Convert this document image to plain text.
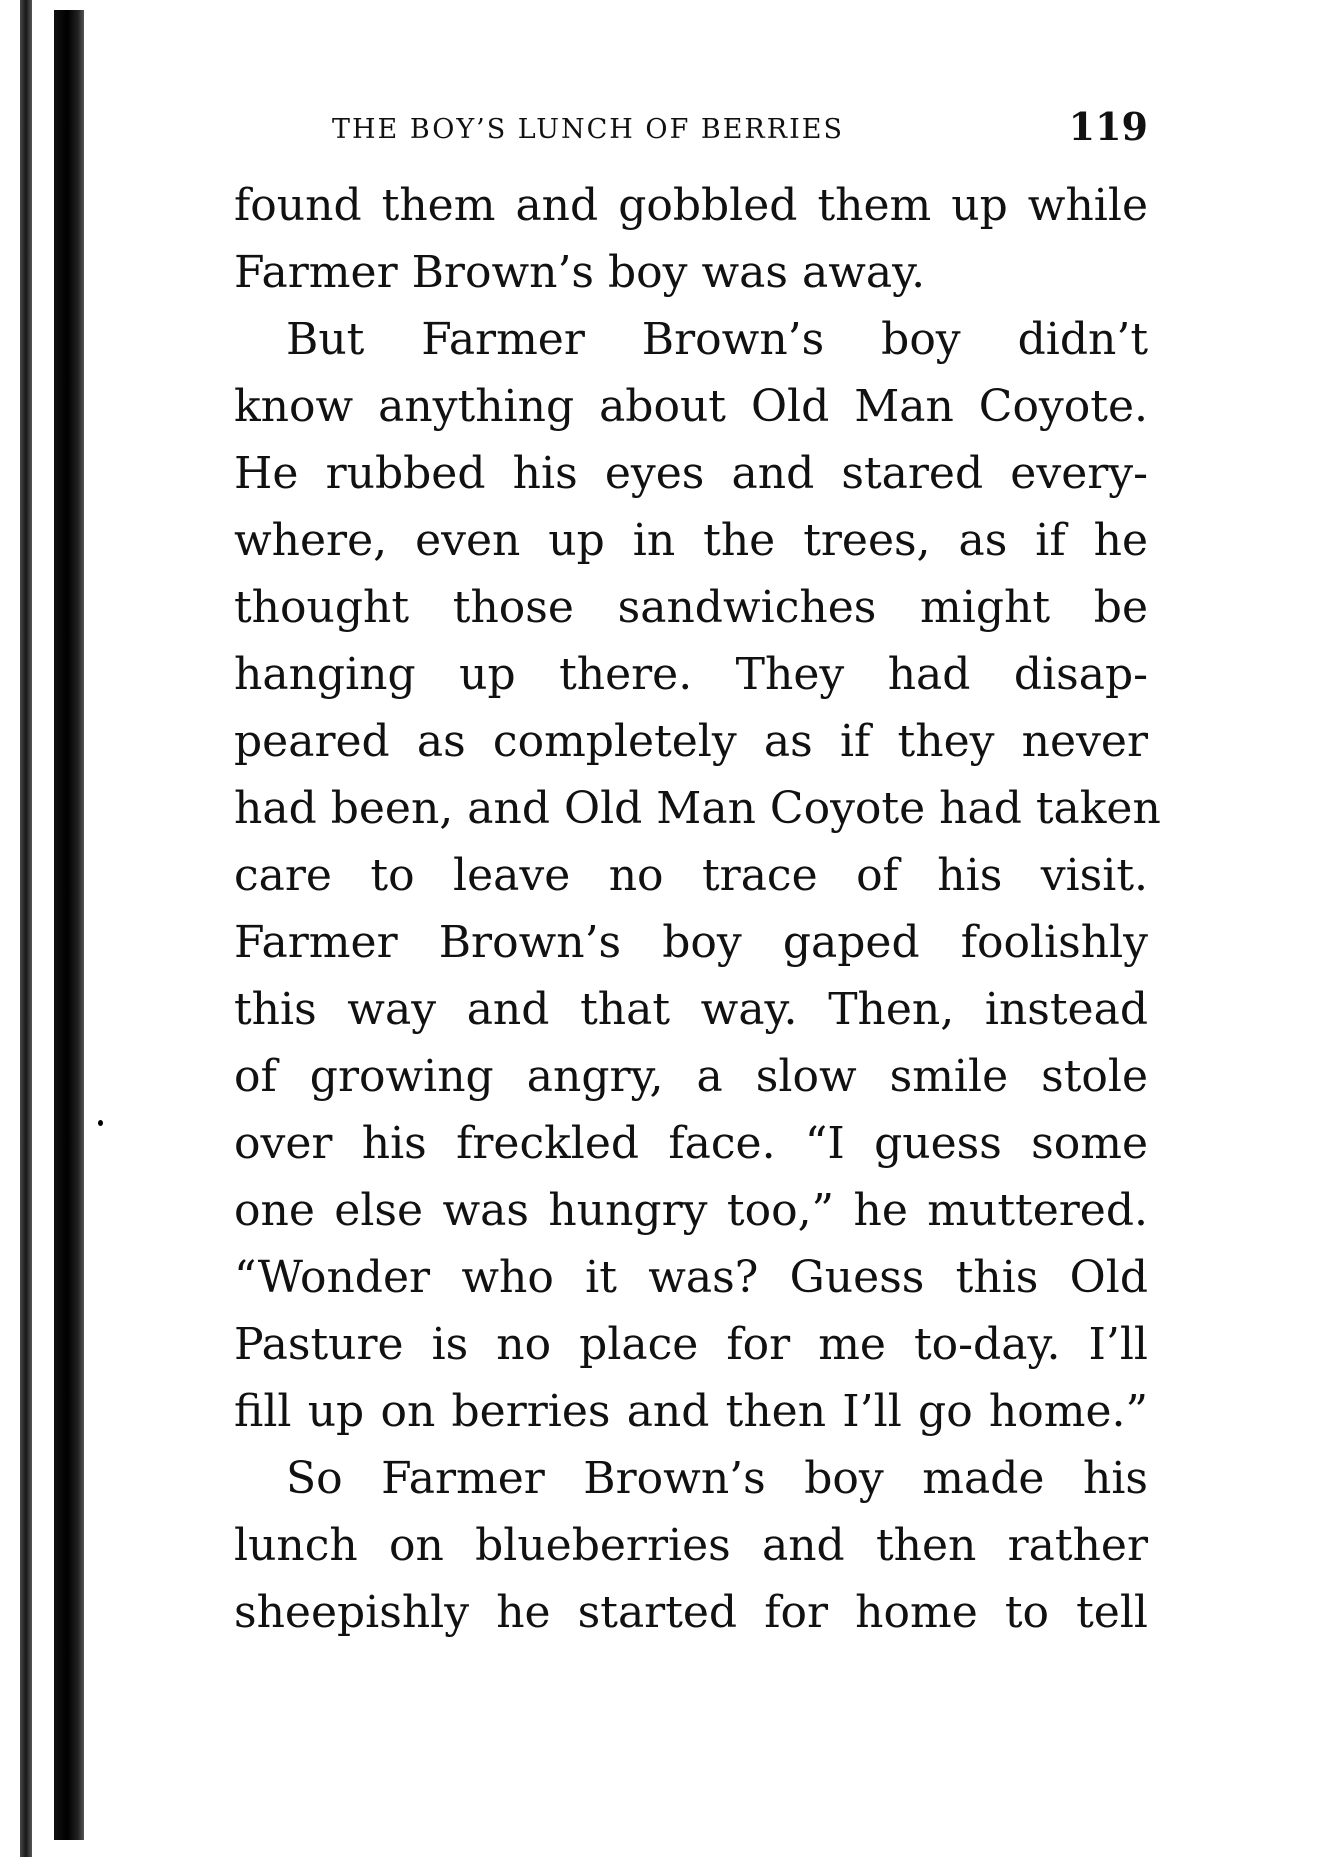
THE BOY’S LUNCH OF BERRIES	119
found them and gobbled them up while
Farmer Brown’s boy was away.
But Farmer Brown’s boy didn’t
know anything about Old Man Coyote.
He rubbed his eyes and stared every-
where, even up in the trees, as if he
thought those sandwiches might be
hanging up there. They had disap-
peared as completely as if they never
had been, and Old Man Coyote had taken
care to leave no trace of his visit.
Farmer Brown’s boy gaped foolishly
this way and that way. Then, instead
of growing angry, a slow smile stole
over his freckled face. “I guess some
one else was hungry too,” he muttered.
“Wonder who it was? Guess this Old
Pasture is no place for me to-day. I’ll
fill up on berries and then I’ll go home.”
So Farmer Brown’s boy made his
lunch on blueberries and then rather
sheepishly he started for home to tell
